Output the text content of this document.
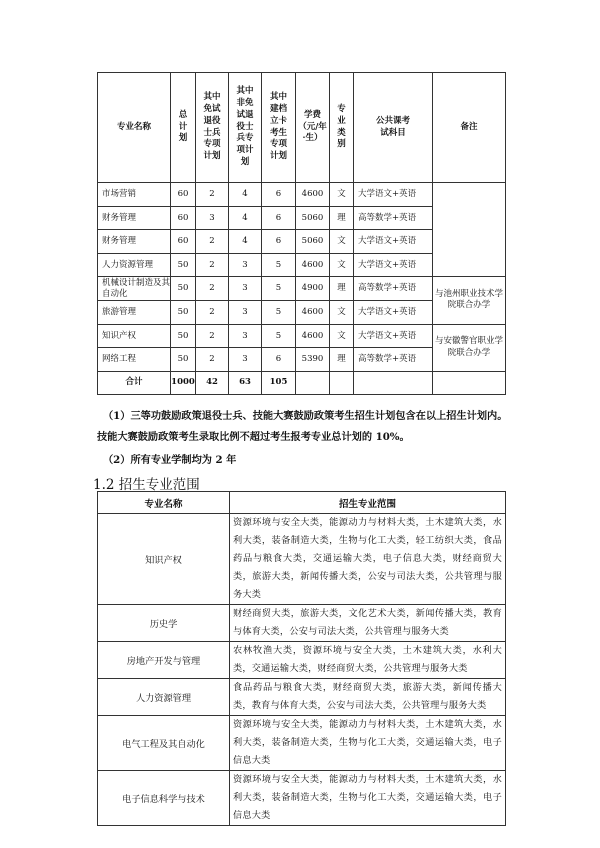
专业名称	总计划	其中免试退役士兵专项计划	其中非免试退役士兵专项计划	其中建档立卡考生专项计划	学费（元/年·生）	专业类别	公共课考试科目	备注
市场营销	60	2	4	6	4600	文	大学语文+英语	
财务管理	60	3	4	6	5060	理	高等数学+英语	
财务管理	60	2	4	6	5060	文	大学语文+英语	
人力资源管理	50	2	3	5	4600	文	大学语文+英语	
机械设计制造及其自动化	50	2	3	5	4900	理	高等数学+英语	与池州职业技术学院联合办学
旅游管理	50	2	3	5	4600	文	大学语文+英语	
知识产权	50	2	3	5	4600	文	大学语文+英语	与安徽警官职业学院联合办学
网络工程	50	2	3	6	5390	理	高等数学+英语	
合计	1000	42	63	105				
（1）三等功鼓励政策退役士兵、技能大赛鼓励政策考生招生计划包含在以上招生计划内。
技能大赛鼓励政策考生录取比例不超过考生报考专业总计划的 10%。
（2）所有专业学制均为 2 年
1.2 招生专业范围
专业名称	招生专业范围
知识产权	资源环境与安全大类，能源动力与材料大类，土木建筑大类，水利大类，装备制造大类，生物与化工大类，轻工纺织大类，食品药品与粮食大类，交通运输大类，电子信息大类，财经商贸大类，旅游大类，新闻传播大类，公安与司法大类，公共管理与服务大类
历史学	财经商贸大类，旅游大类，文化艺术大类，新闻传播大类，教育与体育大类，公安与司法大类，公共管理与服务大类
房地产开发与管理	农林牧渔大类，资源环境与安全大类，土木建筑大类，水利大类，交通运输大类，财经商贸大类，公共管理与服务大类
人力资源管理	食品药品与粮食大类，财经商贸大类，旅游大类，新闻传播大类，教育与体育大类，公安与司法大类，公共管理与服务大类
电气工程及其自动化	资源环境与安全大类，能源动力与材料大类，土木建筑大类，水利大类，装备制造大类，生物与化工大类，交通运输大类，电子信息大类
电子信息科学与技术	资源环境与安全大类，能源动力与材料大类，土木建筑大类，水利大类，装备制造大类，生物与化工大类，交通运输大类，电子信息大类
